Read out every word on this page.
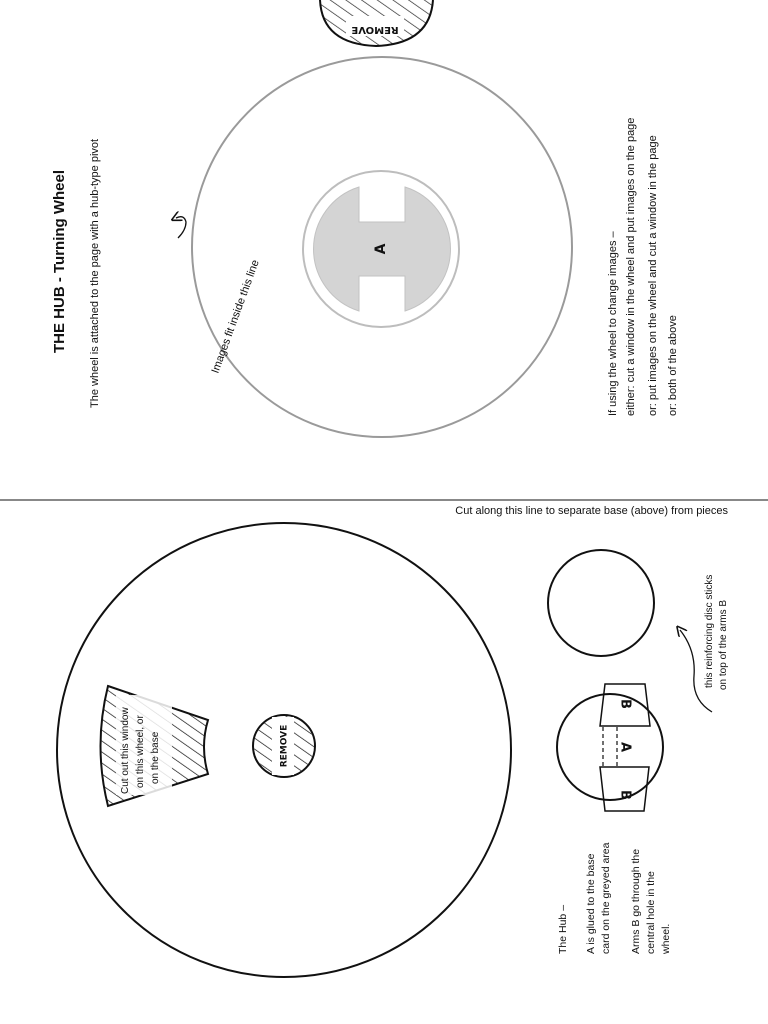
REMOVE
A
THE HUB - Turning Wheel The wheel is attached to the page with a hub-type pivot	Images fit inside this line	If using the wheel to change images – either: cut a window in the wheel and put images on the page or: put images on the wheel and cut a window in the page or: both of the above
Cut along this line to separate base (above) from pieces
Cut out this window on this wheel, or on the base	REMOVE
this reinforcing disc sticks on top of the arms B
A
B
B
The Hub – A is glued to the base card on the greyed area Arms B go through the central hole in the wheel.
